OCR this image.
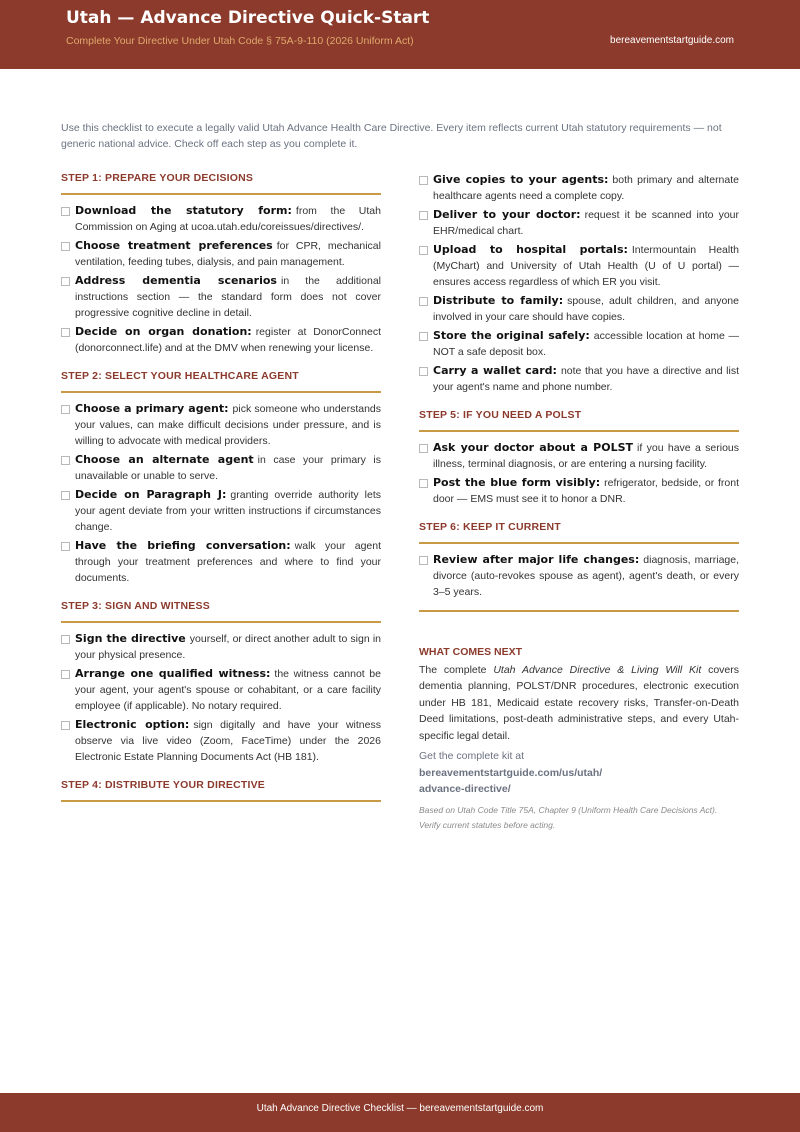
Utah — Advance Directive Quick-Start
Complete Your Directive Under Utah Code § 75A-9-110 (2026 Uniform Act)	bereavementstartguide.com
Use this checklist to execute a legally valid Utah Advance Health Care Directive. Every item reflects current Utah statutory requirements — not generic national advice. Check off each step as you complete it.
STEP 1: PREPARE YOUR DECISIONS
Download the statutory form: from the Utah Commission on Aging at ucoa.utah.edu/coreissues/directives/.
Choose treatment preferences for CPR, mechanical ventilation, feeding tubes, dialysis, and pain management.
Address dementia scenarios in the additional instructions section — the standard form does not cover progressive cognitive decline in detail.
Decide on organ donation: register at DonorConnect (donorconnect.life) and at the DMV when renewing your license.
STEP 2: SELECT YOUR HEALTHCARE AGENT
Choose a primary agent: pick someone who understands your values, can make difficult decisions under pressure, and is willing to advocate with medical providers.
Choose an alternate agent in case your primary is unavailable or unable to serve.
Decide on Paragraph J: granting override authority lets your agent deviate from your written instructions if circumstances change.
Have the briefing conversation: walk your agent through your treatment preferences and where to find your documents.
STEP 3: SIGN AND WITNESS
Sign the directive yourself, or direct another adult to sign in your physical presence.
Arrange one qualified witness: the witness cannot be your agent, your agent's spouse or cohabitant, or a care facility employee (if applicable). No notary required.
Electronic option: sign digitally and have your witness observe via live video (Zoom, FaceTime) under the 2026 Electronic Estate Planning Documents Act (HB 181).
STEP 4: DISTRIBUTE YOUR DIRECTIVE
Give copies to your agents: both primary and alternate healthcare agents need a complete copy.
Deliver to your doctor: request it be scanned into your EHR/medical chart.
Upload to hospital portals: Intermountain Health (MyChart) and University of Utah Health (U of U portal) — ensures access regardless of which ER you visit.
Distribute to family: spouse, adult children, and anyone involved in your care should have copies.
Store the original safely: accessible location at home — NOT a safe deposit box.
Carry a wallet card: note that you have a directive and list your agent's name and phone number.
STEP 5: IF YOU NEED A POLST
Ask your doctor about a POLST if you have a serious illness, terminal diagnosis, or are entering a nursing facility.
Post the blue form visibly: refrigerator, bedside, or front door — EMS must see it to honor a DNR.
STEP 6: KEEP IT CURRENT
Review after major life changes: diagnosis, marriage, divorce (auto-revokes spouse as agent), agent's death, or every 3–5 years.
WHAT COMES NEXT
The complete Utah Advance Directive & Living Will Kit covers dementia planning, POLST/DNR procedures, electronic execution under HB 181, Medicaid estate recovery risks, Transfer-on-Death Deed limitations, post-death administrative steps, and every Utah-specific legal detail.
Get the complete kit at
bereavementstartguide.com/us/utah/
advance-directive/
Based on Utah Code Title 75A, Chapter 9 (Uniform Health Care Decisions Act). Verify current statutes before acting.
Utah Advance Directive Checklist — bereavementstartguide.com
